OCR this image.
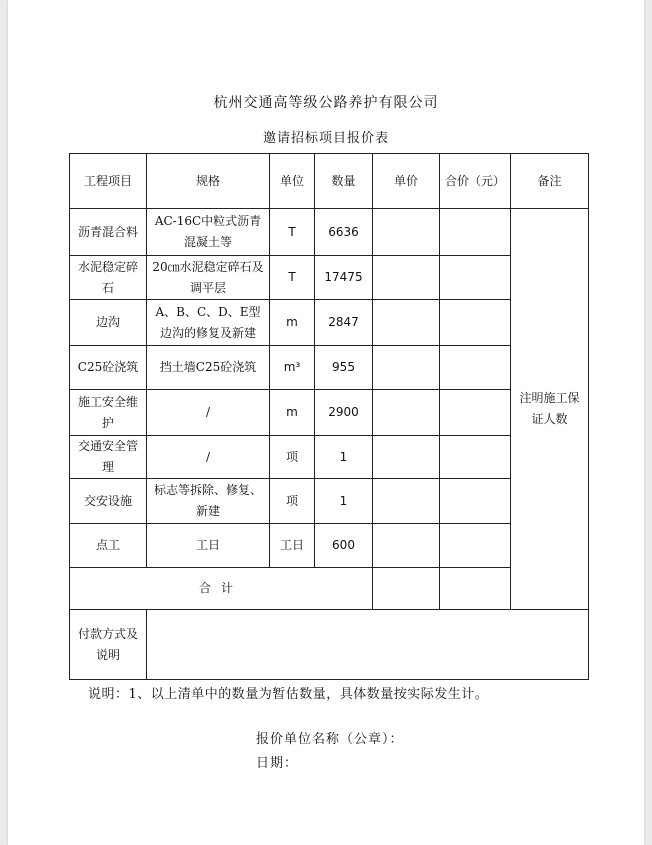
杭州交通高等级公路养护有限公司
邀请招标项目报价表
工程项目	规格	单位	数量	单价	合价（元）	备注
沥青混合料	AC-16C中粒式沥青混凝土等	T	6636			注明施工保证人数
水泥稳定碎石	20㎝水泥稳定碎石及调平层	T	17475			
边沟	A、B、C、D、E型边沟的修复及新建	m	2847			
C25砼浇筑	挡土墙C25砼浇筑	m³	955			
施工安全维护	/	m	2900			
交通安全管理	/	项	1			
交安设施	标志等拆除、修复、新建	项	1			
点工	工日	工日	600			
合计						
付款方式及说明						
说明：1、以上清单中的数量为暂估数量，具体数量按实际发生计。
报价单位名称（公章）：
日期：
